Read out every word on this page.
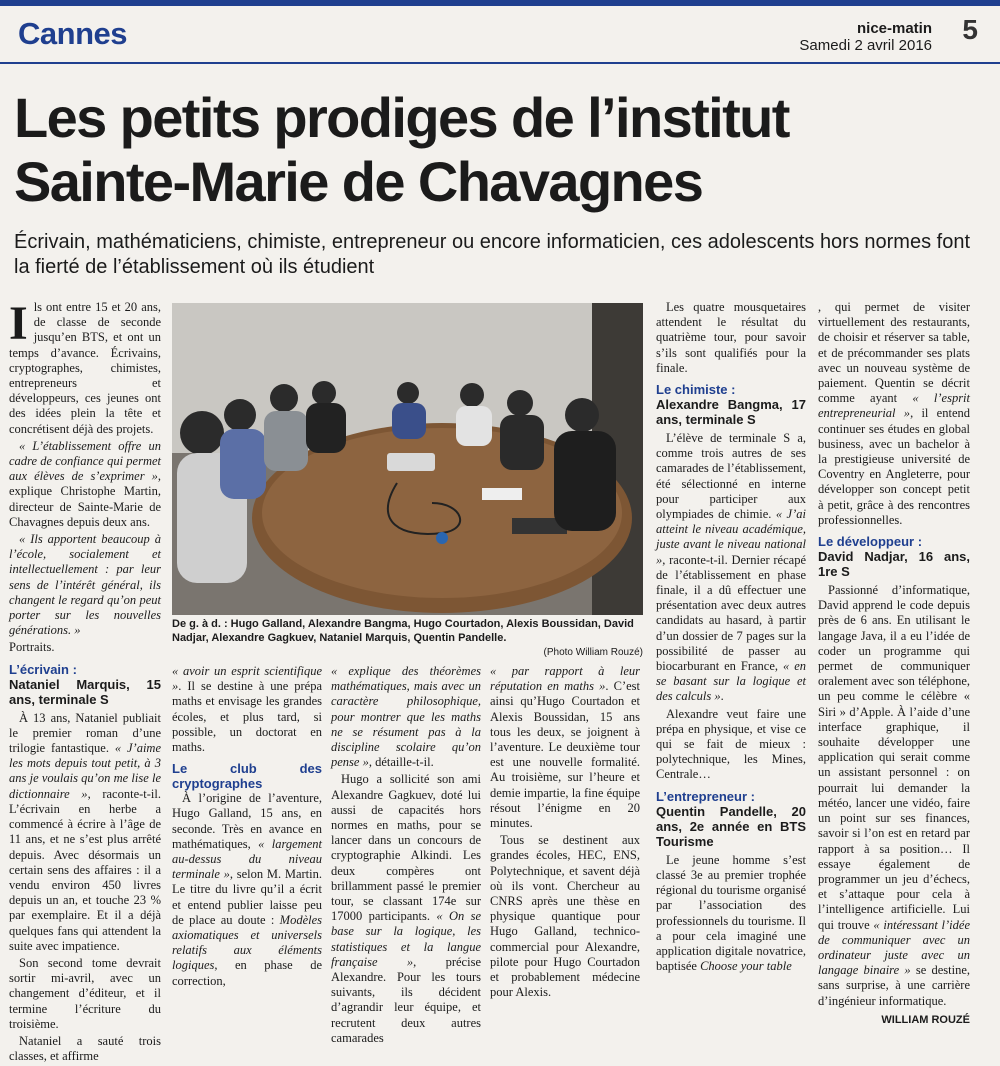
Cannes	nice-matin
Samedi 2 avril 2016
5
Les petits prodiges de l’institut
Sainte-Marie de Chavagnes

Écrivain, mathématiciens, chimiste, entrepreneur ou encore informaticien, ces adolescents hors normes font la fierté de l’établissement où ils étudient

De g. à d. : Hugo Galland, Alexandre Bangma, Hugo Courtadon, Alexis Boussidan, David Nadjar, Alexandre Gagkuev, Nataniel Marquis, Quentin Pandelle.
(Photo William Rouzé)

Ils ont entre 15 et 20 ans, de classe de seconde jusqu’en BTS, et ont un temps d’avance. Écrivains, cryptographes, chimistes, entrepreneurs et développeurs, ces jeunes ont des idées plein la tête et concrétisent déjà des projets.

« L’établissement offre un cadre de confiance qui permet aux élèves de s’exprimer », explique Christophe Martin, directeur de Sainte-Marie de Chavagnes depuis deux ans.

« Ils apportent beaucoup à l’école, socialement et intellectuellement : par leur sens de l’intérêt général, ils changent le regard qu’on peut porter sur les nouvelles générations. »

Portraits.

L’écrivain :
Nataniel Marquis, 15 ans, terminale S

À 13 ans, Nataniel publiait le premier roman d’une trilogie fantastique. « J’aime les mots depuis tout petit, à 3 ans je voulais qu’on me lise le dictionnaire », raconte-t-il. L’écrivain en herbe a commencé à écrire à l’âge de 11 ans, et ne s’est plus arrêté depuis. Avec désormais un certain sens des affaires : il a vendu environ 450 livres depuis un an, et touche 23 % par exemplaire. Et il a déjà quelques fans qui attendent la suite avec impatience.

Son second tome devrait sortir mi-avril, avec un changement d’éditeur, et il termine l’écriture du troisième.

Nataniel a sauté trois classes, et affirme

« avoir un esprit scientifique ». Il se destine à une prépa maths et envisage les grandes écoles, et plus tard, si possible, un doctorat en maths.

Le club des cryptographes

À l’origine de l’aventure, Hugo Galland, 15 ans, en seconde. Très en avance en mathématiques, « largement au-dessus du niveau terminale », selon M. Martin. Le titre du livre qu’il a écrit et entend publier laisse peu de place au doute : Modèles axiomatiques et universels relatifs aux éléments logiques, en phase de correction,

« explique des théorèmes mathématiques, mais avec un caractère philosophique, pour montrer que les maths ne se résument pas à la discipline scolaire qu’on pense », détaille-t-il.

Hugo a sollicité son ami Alexandre Gagkuev, doté lui aussi de capacités hors normes en maths, pour se lancer dans un concours de cryptographie Alkindi. Les deux compères ont brillamment passé le premier tour, se classant 174e sur 17000 participants. « On se base sur la logique, les statistiques et la langue française », précise Alexandre. Pour les tours suivants, ils décident d’agrandir leur équipe, et recrutent deux autres camarades

« par rapport à leur réputation en maths ». C’est ainsi qu’Hugo Courtadon et Alexis Boussidan, 15 ans tous les deux, se joignent à l’aventure. Le deuxième tour est une nouvelle formalité. Au troisième, sur l’heure et demie impartie, la fine équipe résout l’énigme en 20 minutes.

Tous se destinent aux grandes écoles, HEC, ENS, Polytechnique, et savent déjà où ils vont. Chercheur au CNRS après une thèse en physique quantique pour Hugo Galland, technico-commercial pour Alexandre, pilote pour Hugo Courtadon et probablement médecine pour Alexis.

Les quatre mousquetaires attendent le résultat du quatrième tour, pour savoir s’ils sont qualifiés pour la finale.

Le chimiste :
Alexandre Bangma, 17 ans, terminale S

L’élève de terminale S a, comme trois autres de ses camarades de l’établissement, été sélectionné en interne pour participer aux olympiades de chimie. « J’ai atteint le niveau académique, juste avant le niveau national », raconte-t-il. Dernier récapé de l’établissement en phase finale, il a dû effectuer une présentation avec deux autres candidats au hasard, à partir d’un dossier de 7 pages sur la possibilité de passer au biocarburant en France, « en se basant sur la logique et des calculs ».

Alexandre veut faire une prépa en physique, et vise ce qui se fait de mieux : polytechnique, les Mines, Centrale…

L’entrepreneur :
Quentin Pandelle, 20 ans, 2e année en BTS Tourisme

Le jeune homme s’est classé 3e au premier trophée régional du tourisme organisé par l’association des professionnels du tourisme. Il a pour cela imaginé une application digitale novatrice, baptisée Choose your table

, qui permet de visiter virtuellement des restaurants, de choisir et réserver sa table, et de précommander ses plats avec un nouveau système de paiement. Quentin se décrit comme ayant « l’esprit entrepreneurial », il entend continuer ses études en global business, avec un bachelor à la prestigieuse université de Coventry en Angleterre, pour développer son concept petit à petit, grâce à des rencontres professionnelles.

Le développeur :
David Nadjar, 16 ans, 1re S

Passionné d’informatique, David apprend le code depuis près de 6 ans. En utilisant le langage Java, il a eu l’idée de coder un programme qui permet de communiquer oralement avec son téléphone, un peu comme le célèbre « Siri » d’Apple. À l’aide d’une interface graphique, il souhaite développer une application qui serait comme un assistant personnel : on pourrait lui demander la météo, lancer une vidéo, faire un point sur ses finances, savoir si l’on est en retard par rapport à sa position… Il essaye également de programmer un jeu d’échecs, et s’attaque pour cela à l’intelligence artificielle. Lui qui trouve « intéressant l’idée de communiquer avec un ordinateur juste avec un langage binaire » se destine, sans surprise, à une carrière d’ingénieur informatique.

WILLIAM ROUZÉ
